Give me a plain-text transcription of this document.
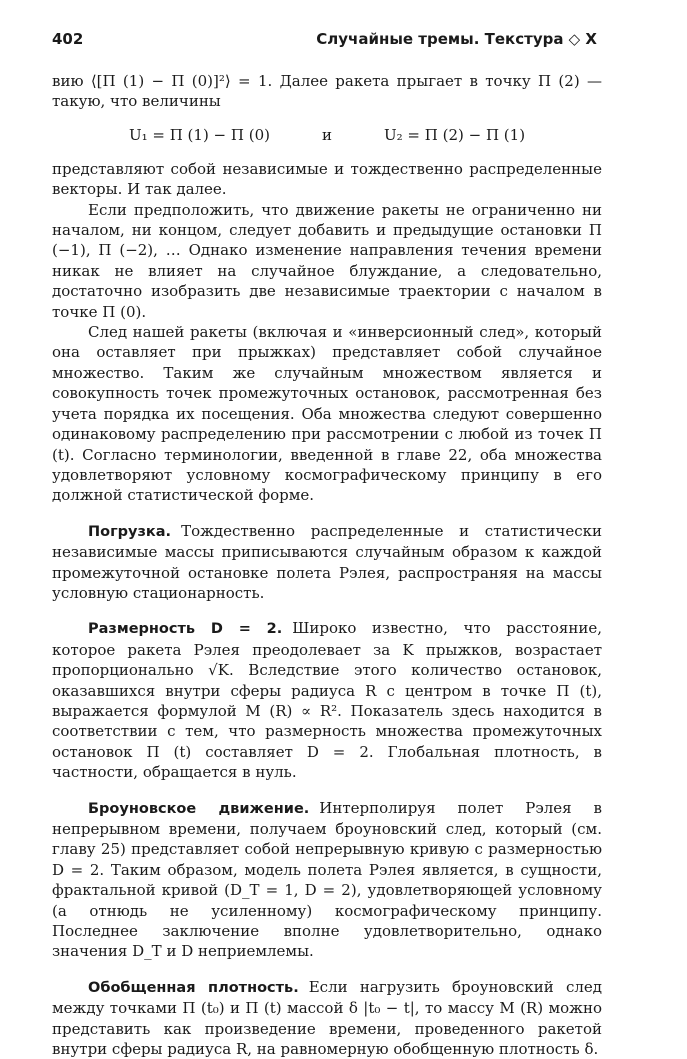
402	Случайные тремы. Текстура ◇ X

вию ⟨[Π (1) − Π (0)]²⟩ = 1. Далее ракета прыгает в точку Π (2) — такую, что величины

U₁ = Π (1) − Π (0)	и	U₂ = Π (2) − Π (1)

представляют собой независимые и тождественно распределенные векторы. И так далее.

Если предположить, что движение ракеты не ограниченно ни началом, ни концом, следует добавить и предыдущие остановки Π (−1), Π (−2), … Однако изменение направления течения времени никак не влияет на случайное блуждание, а следовательно, достаточно изобразить две независимые траектории с началом в точке Π (0).

След нашей ракеты (включая и «инверсионный след», который она оставляет при прыжках) представляет собой случайное множество. Таким же случайным множеством является и совокупность точек промежуточных остановок, рассмотренная без учета порядка их посещения. Оба множества следуют совершенно одинаковому распределению при рассмотрении с любой из точек Π (t). Согласно терминологии, введенной в главе 22, оба множества удовлетворяют условному космографическому принципу в его должной статистической форме.

Погрузка. Тождественно распределенные и статистически независимые массы приписываются случайным образом к каждой промежуточной остановке полета Рэлея, распространяя на массы условную стационарность.

Размерность D = 2. Широко известно, что расстояние, которое ракета Рэлея преодолевает за K прыжков, возрастает пропорционально √K. Вследствие этого количество остановок, оказавшихся внутри сферы радиуса R с центром в точке Π (t), выражается формулой M (R) ∝ R². Показатель здесь находится в соответствии с тем, что размерность множества промежуточных остановок Π (t) составляет D = 2. Глобальная плотность, в частности, обращается в нуль.

Броуновское движение. Интерполируя полет Рэлея в непрерывном времени, получаем броуновский след, который (см. главу 25) представляет собой непрерывную кривую с размерностью D = 2. Таким образом, модель полета Рэлея является, в сущности, фрактальной кривой (D_T = 1, D = 2), удовлетворяющей условному (а отнюдь не усиленному) космографическому принципу. Последнее заключение вполне удовлетворительно, однако значения D_T и D неприемлемы.

Обобщенная плотность. Если нагрузить броуновский след между точками Π (t₀) и Π (t) массой δ |t₀ − t|, то массу M (R) можно представить как произведение времени, проведенного ракетой внутри сферы радиуса R, на равномерную обобщенную плотность δ.
